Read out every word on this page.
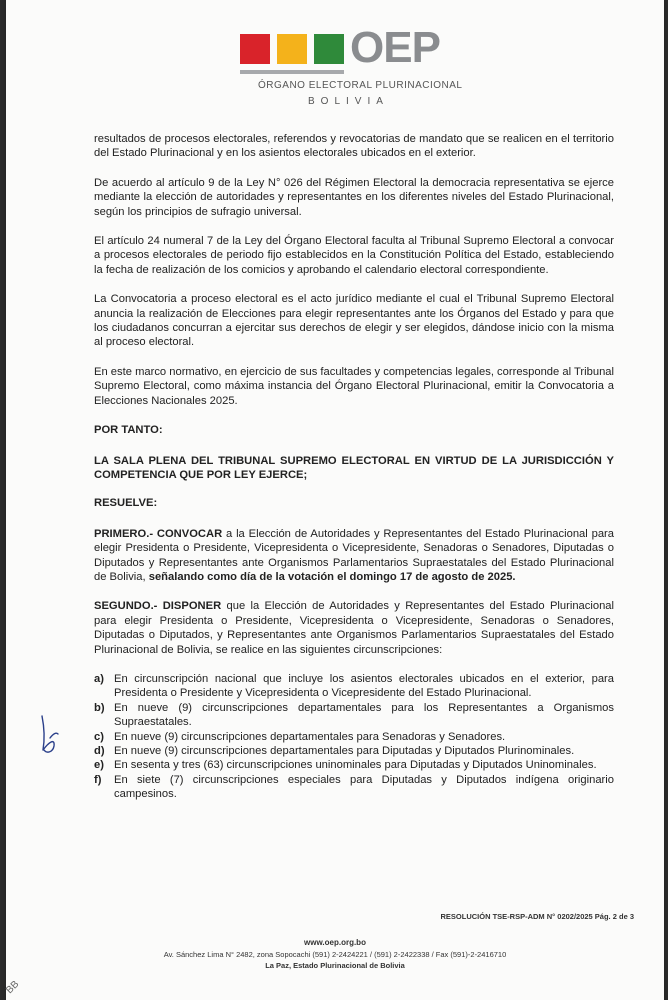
OEP
ÓRGANO ELECTORAL PLURINACIONAL
BOLIVIA

resultados de procesos electorales, referendos y revocatorias de mandato que se realicen en el territorio del Estado Plurinacional y en los asientos electorales ubicados en el exterior.

De acuerdo al artículo 9 de la Ley N° 026 del Régimen Electoral la democracia representativa se ejerce mediante la elección de autoridades y representantes en los diferentes niveles del Estado Plurinacional, según los principios de sufragio universal.

El artículo 24 numeral 7 de la Ley del Órgano Electoral faculta al Tribunal Supremo Electoral a convocar a procesos electorales de periodo fijo establecidos en la Constitución Política del Estado, estableciendo la fecha de realización de los comicios y aprobando el calendario electoral correspondiente.

La Convocatoria a proceso electoral es el acto jurídico mediante el cual el Tribunal Supremo Electoral anuncia la realización de Elecciones para elegir representantes ante los Órganos del Estado y para que los ciudadanos concurran a ejercitar sus derechos de elegir y ser elegidos, dándose inicio con la misma al proceso electoral.

En este marco normativo, en ejercicio de sus facultades y competencias legales, corresponde al Tribunal Supremo Electoral, como máxima instancia del Órgano Electoral Plurinacional, emitir la Convocatoria a Elecciones Nacionales 2025.

POR TANTO:

LA SALA PLENA DEL TRIBUNAL SUPREMO ELECTORAL EN VIRTUD DE LA JURISDICCIÓN Y COMPETENCIA QUE POR LEY EJERCE;

RESUELVE:

PRIMERO.- CONVOCAR a la Elección de Autoridades y Representantes del Estado Plurinacional para elegir Presidenta o Presidente, Vicepresidenta o Vicepresidente, Senadoras o Senadores, Diputadas o Diputados y Representantes ante Organismos Parlamentarios Supraestatales del Estado Plurinacional de Bolivia, señalando como día de la votación el domingo 17 de agosto de 2025.

SEGUNDO.- DISPONER que la Elección de Autoridades y Representantes del Estado Plurinacional para elegir Presidenta o Presidente, Vicepresidenta o Vicepresidente, Senadoras o Senadores, Diputadas o Diputados, y Representantes ante Organismos Parlamentarios Supraestatales del Estado Plurinacional de Bolivia, se realice en las siguientes circunscripciones:

a) En circunscripción nacional que incluye los asientos electorales ubicados en el exterior, para Presidenta o Presidente y Vicepresidenta o Vicepresidente del Estado Plurinacional.
b) En nueve (9) circunscripciones departamentales para los Representantes a Organismos Supraestatales.
c) En nueve (9) circunscripciones departamentales para Senadoras y Senadores.
d) En nueve (9) circunscripciones departamentales para Diputadas y Diputados Plurinominales.
e) En sesenta y tres (63) circunscripciones uninominales para Diputadas y Diputados Uninominales.
f) En siete (7) circunscripciones especiales para Diputadas y Diputados indígena originario campesinos.
RESOLUCIÓN TSE-RSP-ADM N° 0202/2025 Pág. 2 de 3
www.oep.org.bo
Av. Sánchez Lima N° 2482, zona Sopocachi (591) 2-2424221 / (591) 2-2422338 / Fax (591)-2-2416710
La Paz, Estado Plurinacional de Bolivia
BB
